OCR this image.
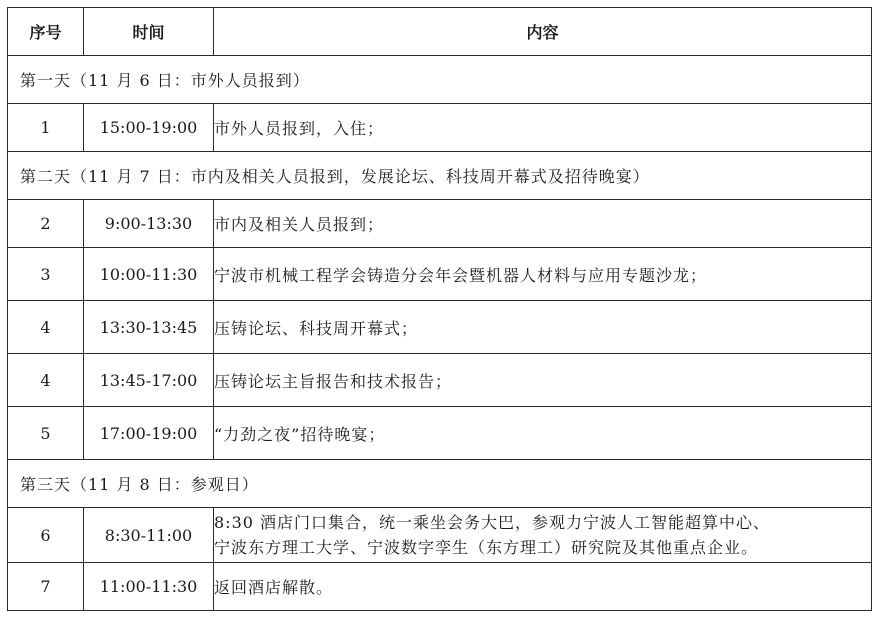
序号	时间	内容
第一天（11 月 6 日：市外人员报到）		
1	15:00-19:00	市外人员报到，入住；
第二天（11 月 7 日：市内及相关人员报到，发展论坛、科技周开幕式及招待晚宴）		
2	9:00-13:30	市内及相关人员报到；
3	10:00-11:30	宁波市机械工程学会铸造分会年会暨机器人材料与应用专题沙龙；
4	13:30-13:45	压铸论坛、科技周开幕式；
4	13:45-17:00	压铸论坛主旨报告和技术报告；
5	17:00-19:00	“力劲之夜”招待晚宴；
第三天（11 月 8 日：参观日）		
6	8:30-11:00	8:30 酒店门口集合，统一乘坐会务大巴，参观力宁波人工智能超算中心、
宁波东方理工大学、宁波数字孪生（东方理工）研究院及其他重点企业。

7	11:00-11:30	返回酒店解散。
